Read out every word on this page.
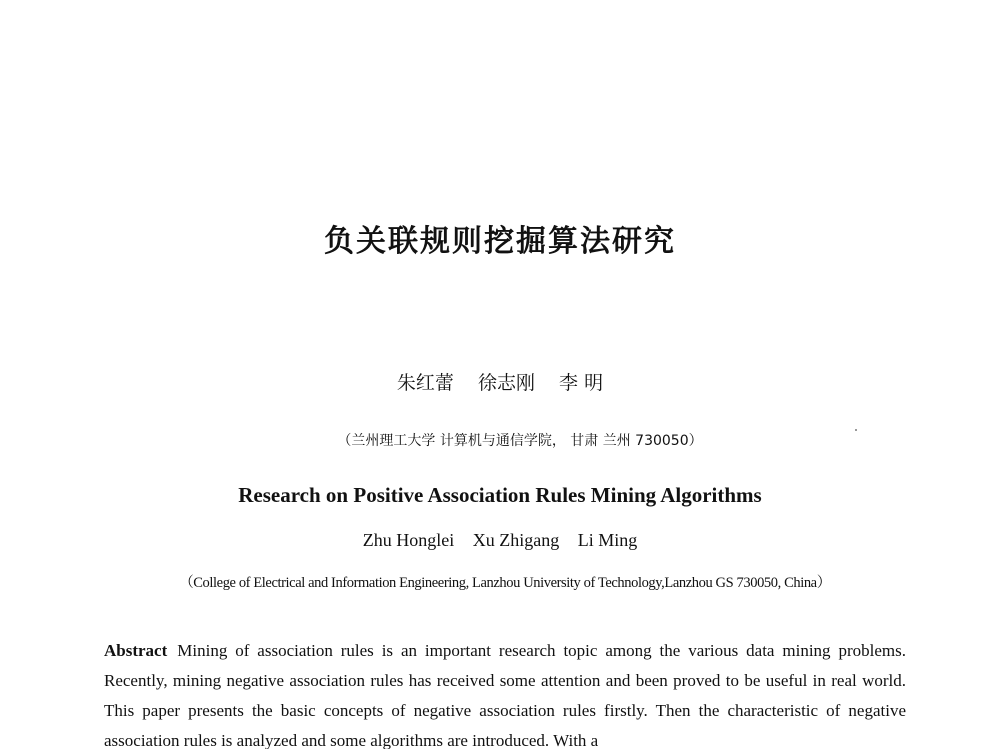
负关联规则挖掘算法研究
朱红蕾 徐志刚 李 明
（兰州理工大学 计算机与通信学院， 甘肃 兰州 730050）
Research on Positive Association Rules Mining Algorithms
Zhu Honglei Xu Zhigang Li Ming
（College of Electrical and Information Engineering, Lanzhou University of Technology,Lanzhou GS 730050, China）
Abstract Mining of association rules is an important research topic among the various data mining problems. Recently, mining negative association rules has received some attention and been proved to be useful in real world. This paper presents the basic concepts of negative association rules firstly. Then the characteristic of negative association rules is analyzed and some algorithms are introduced. With a
